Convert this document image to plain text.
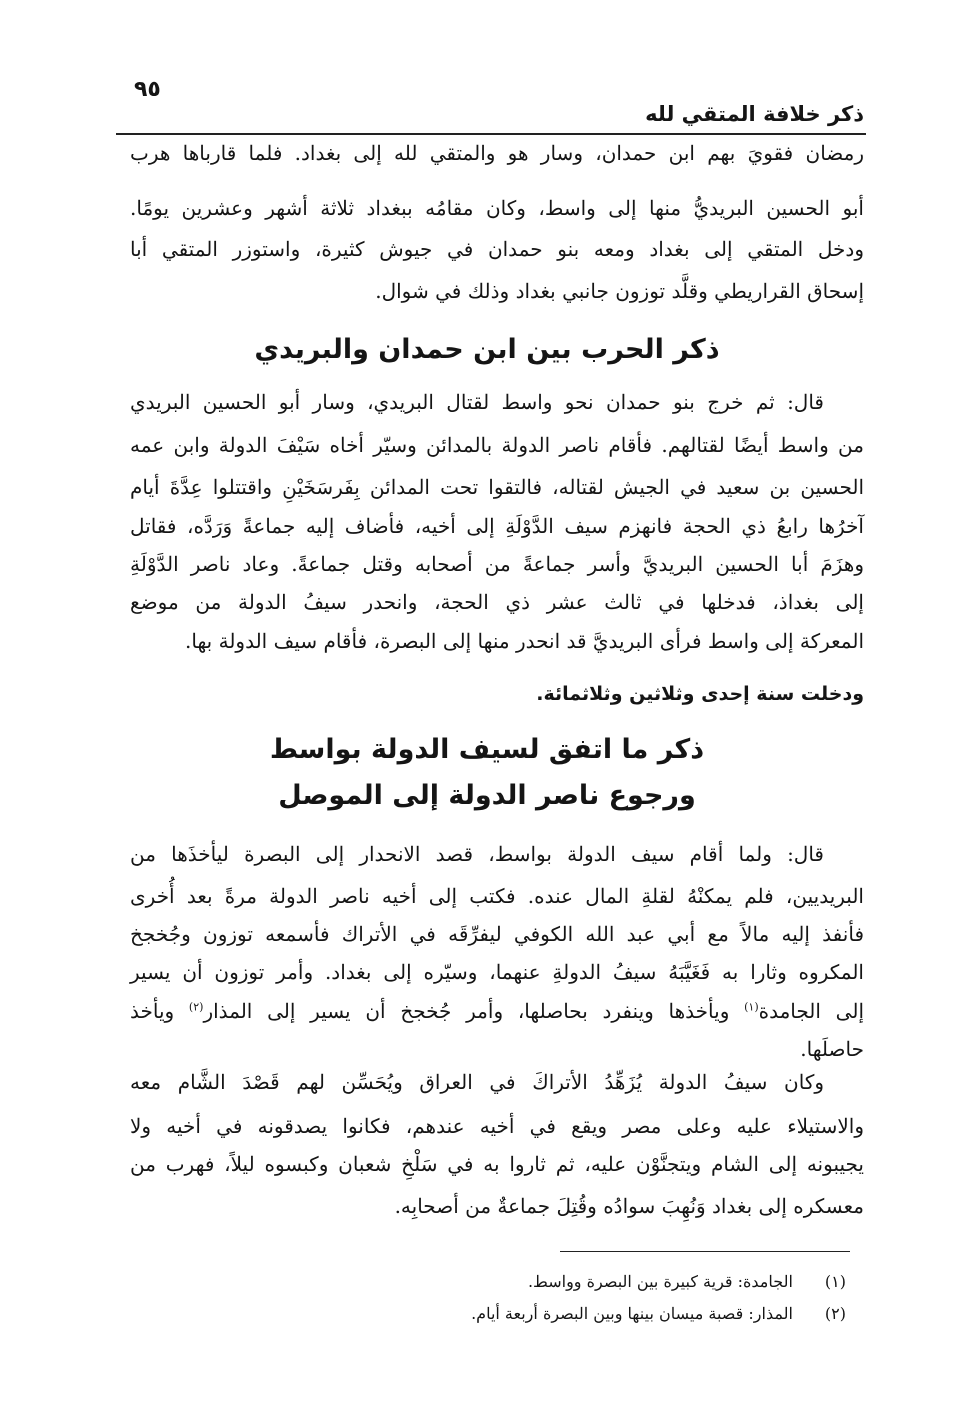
ذكر خلافة المتقي لله
٩٥
رمضان فقويَ بهم ابن حمدان، وسار هو والمتقي لله إلى بغداد. فلما قارباها هرب
أبو الحسين البريديُّ منها إلى واسط، وكان مقامُه ببغداد ثلاثة أشهر وعشرين يومًا.
ودخل المتقي إلى بغداد ومعه بنو حمدان في جيوش كثيرة، واستوزر المتقي أبا
إسحاق القراريطي وقلَّد توزون جانبي بغداد وذلك في شوال.
ذكر الحرب بين ابن حمدان والبريدي
قال: ثم خرج بنو حمدان نحو واسط لقتال البريدي، وسار أبو الحسين البريدي
من واسط أيضًا لقتالهم. فأقام ناصر الدولة بالمدائن وسيّر أخاه سَيْفَ الدولة وابن عمه
الحسين بن سعيد في الجيش لقتاله، فالتقوا تحت المدائن بِفَرسَخَيْنِ واقتتلوا عِدَّةَ أيام
آخرُها رابعُ ذي الحجة فانهزم سيف الدَّوْلَةِ إلى أخيه، فأضاف إليه جماعةً وَرَدَّه، فقاتل
وهزَمَ أبا الحسين البريديَّ وأسر جماعةً من أصحابه وقتل جماعةً. وعاد ناصر الدَّوْلَةِ
إلى بغداذ، فدخلها في ثالث عشر ذي الحجة، وانحدر سيفُ الدولة من موضع
المعركة إلى واسط فرأى البريديَّ قد انحدر منها إلى البصرة، فأقام سيف الدولة بها.
ودخلت سنة إحدى وثلاثين وثلاثمائة.
ذكر ما اتفق لسيف الدولة بواسط
ورجوع ناصر الدولة إلى الموصل
قال: ولما أقام سيف الدولة بواسط، قصد الانحدار إلى البصرة ليأخذَها من
البريديين، فلم يمكنْهُ لقلةِ المال عنده. فكتب إلى أخيه ناصر الدولة مرةً بعد أُخرى
فأنفذ إليه مالاً مع أبي عبد الله الكوفي ليفرِّقَه في الأتراك فأسمعه توزون وجُخجخ
المكروه وثارا به فَغَيَّبَهُ سيفُ الدولةِ عنهما، وسيّره إلى بغداد. وأمر توزون أن يسير
إلى الجامدة$^{(١)}$ ويأخذها وينفرد بحاصلها، وأمر جُخجخ أن يسير إلى المذار$^{(٢)}$ ويأخذ
حاصلَها.
وكان سيفُ الدولة يُزَهِّدُ الأتراكَ في العراق ويُحَسِّن لهم قَصْدَ الشَّام معه
والاستيلاء عليه وعلى مصر ويقع في أخيه عندهم، فكانوا يصدقونه في أخيه ولا
يجيبونه إلى الشام ويتجنَّوْن عليه، ثم ثاروا به في سَلْخِ شعبان وكبسوه ليلاً، فهرب من
معسكره إلى بغداد وَنُهِبَ سوادُه وقُتِلَ جماعةٌ من أصحابِه.
(١) الجامدة: قرية كبيرة بين البصرة وواسط.
(٢) المذار: قصبة ميسان بينها وبين البصرة أربعة أيام.
